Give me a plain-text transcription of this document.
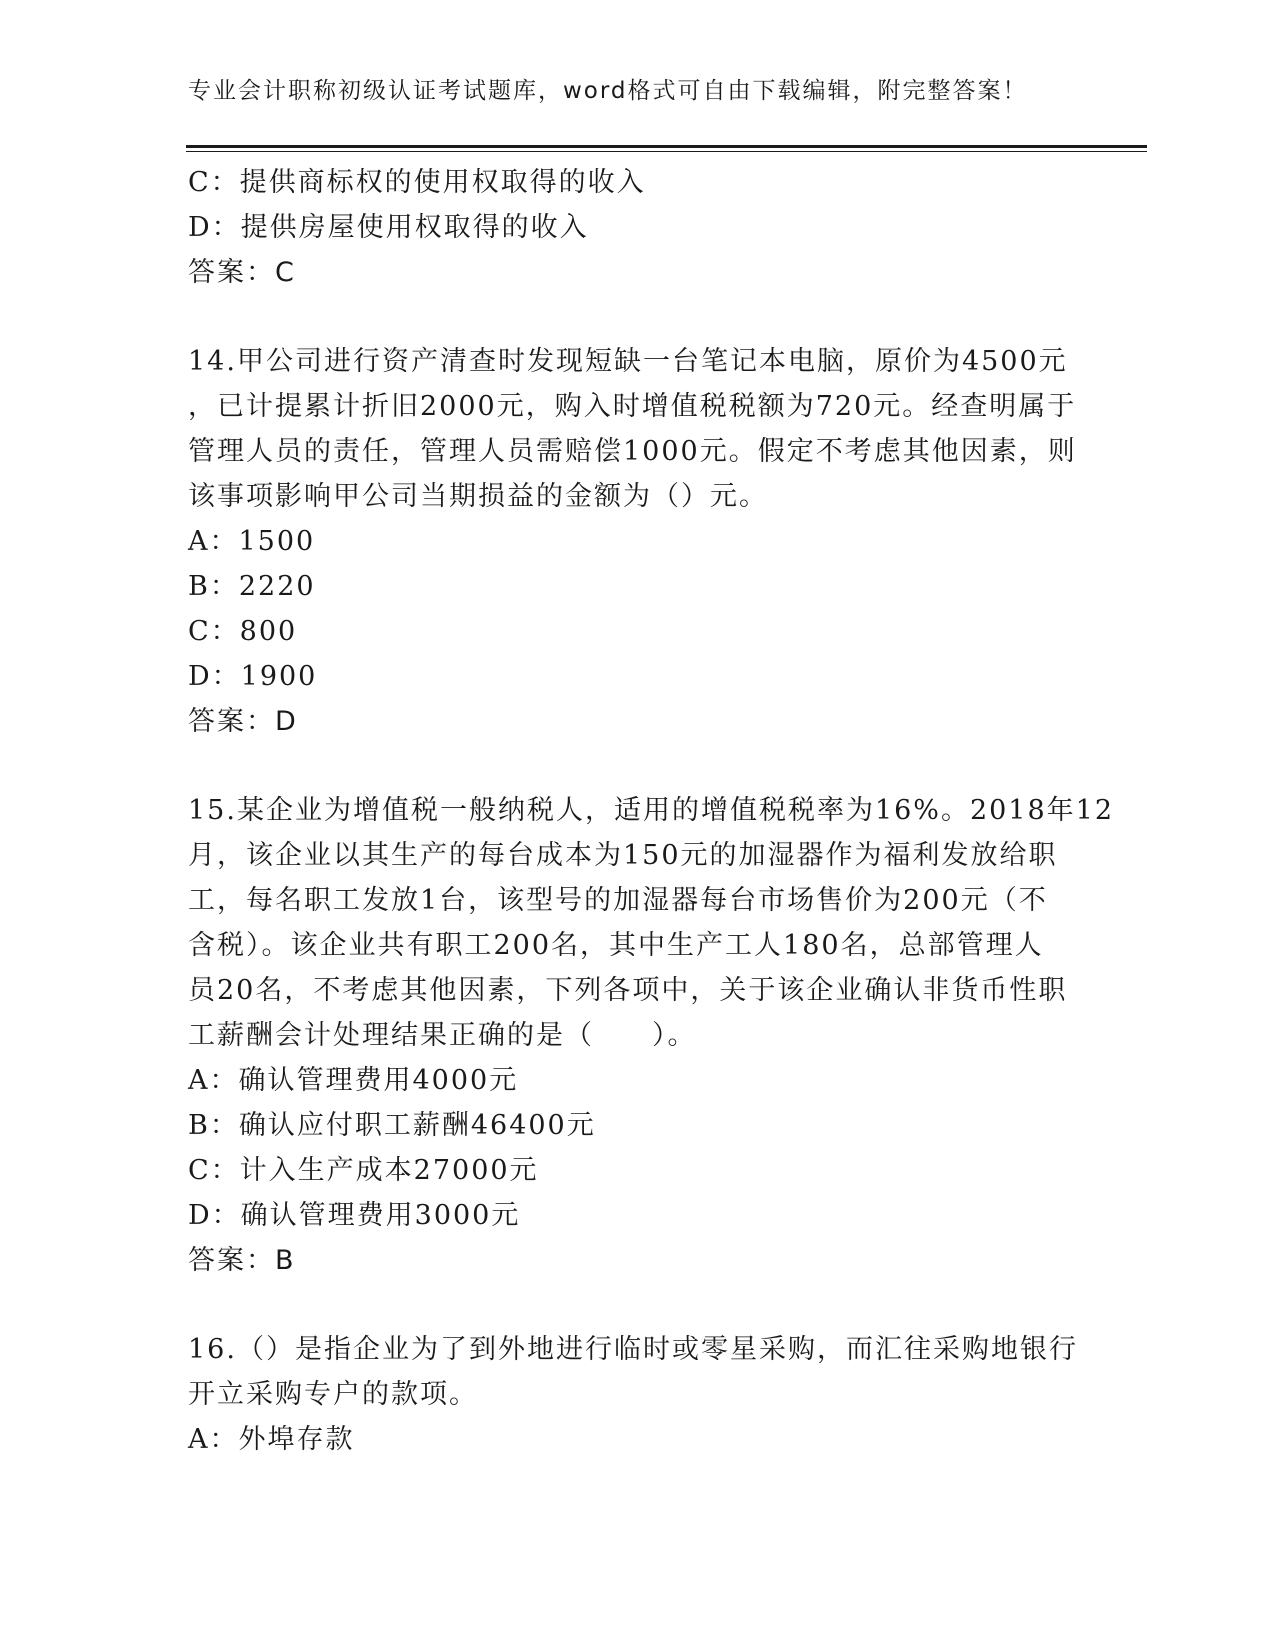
专业会计职称初级认证考试题库，word格式可自由下载编辑，附完整答案！
C：提供商标权的使用权取得的收入
D：提供房屋使用权取得的收入
答案：C
14.甲公司进行资产清查时发现短缺一台笔记本电脑，原价为4500元
，已计提累计折旧2000元，购入时增值税税额为720元。经查明属于
管理人员的责任，管理人员需赔偿1000元。假定不考虑其他因素，则
该事项影响甲公司当期损益的金额为（）元。
A：1500
B：2220
C：800
D：1900
答案：D
15.某企业为增值税一般纳税人，适用的增值税税率为16%。2018年12
月，该企业以其生产的每台成本为150元的加湿器作为福利发放给职
工，每名职工发放1台，该型号的加湿器每台市场售价为200元（不
含税）。该企业共有职工200名，其中生产工人180名，总部管理人
员20名，不考虑其他因素，下列各项中，关于该企业确认非货币性职
工薪酬会计处理结果正确的是（　　）。
A：确认管理费用4000元
B：确认应付职工薪酬46400元
C：计入生产成本27000元
D：确认管理费用3000元
答案：B
16.（）是指企业为了到外地进行临时或零星采购，而汇往采购地银行
开立采购专户的款项。
A：外埠存款
